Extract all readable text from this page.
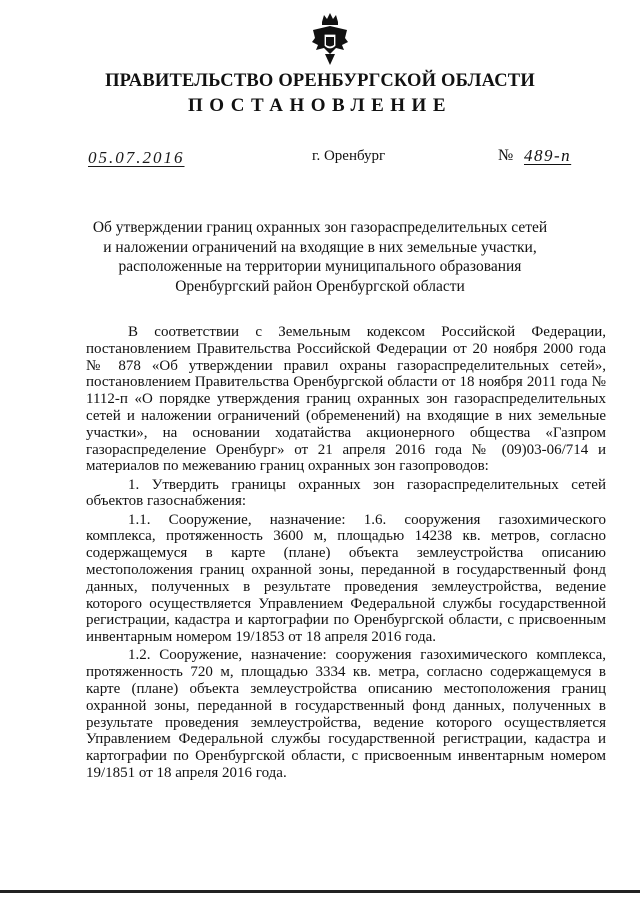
ПРАВИТЕЛЬСТВО ОРЕНБУРГСКОЙ ОБЛАСТИ
ПОСТАНОВЛЕНИЕ
05.07.2016	г. Оренбург	№ 489-п
Об утверждении границ охранных зон газораспределительных сетей
и наложении ограничений на входящие в них земельные участки,
расположенные на территории муниципального образования
Оренбургский район Оренбургской области

В соответствии с Земельным кодексом Российской Федерации, постановлением Правительства Российской Федерации от 20 ноября 2000 года № 878 «Об утверждении правил охраны газораспределительных сетей», постановлением Правительства Оренбургской области от 18 ноября 2011 года № 1112-п «О порядке утверждения границ охранных зон газораспределительных сетей и наложении ограничений (обременений) на входящие в них земельные участки», на основании ходатайства акционерного общества «Газпром газораспределение Оренбург» от 21 апреля 2016 года № (09)03-06/714 и материалов по межеванию границ охранных зон газопроводов:

1. Утвердить границы охранных зон газораспределительных сетей объектов газоснабжения:

1.1. Сооружение, назначение: 1.6. сооружения газохимического комплекса, протяженность 3600 м, площадью 14238 кв. метров, согласно содержащемуся в карте (плане) объекта землеустройства описанию местоположения границ охранной зоны, переданной в государственный фонд данных, полученных в результате проведения землеустройства, ведение которого осуществляется Управлением Федеральной службы государственной регистрации, кадастра и картографии по Оренбургской области, с присвоенным инвентарным номером 19/1853 от 18 апреля 2016 года.

1.2. Сооружение, назначение: сооружения газохимического комплекса, протяженность 720 м, площадью 3334 кв. метра, согласно содержащемуся в карте (плане) объекта землеустройства описанию местоположения границ охранной зоны, переданной в государственный фонд данных, полученных в результате проведения землеустройства, ведение которого осуществляется Управлением Федеральной службы государственной регистрации, кадастра и картографии по Оренбургской области, с присвоенным инвентарным номером 19/1851 от 18 апреля 2016 года.
